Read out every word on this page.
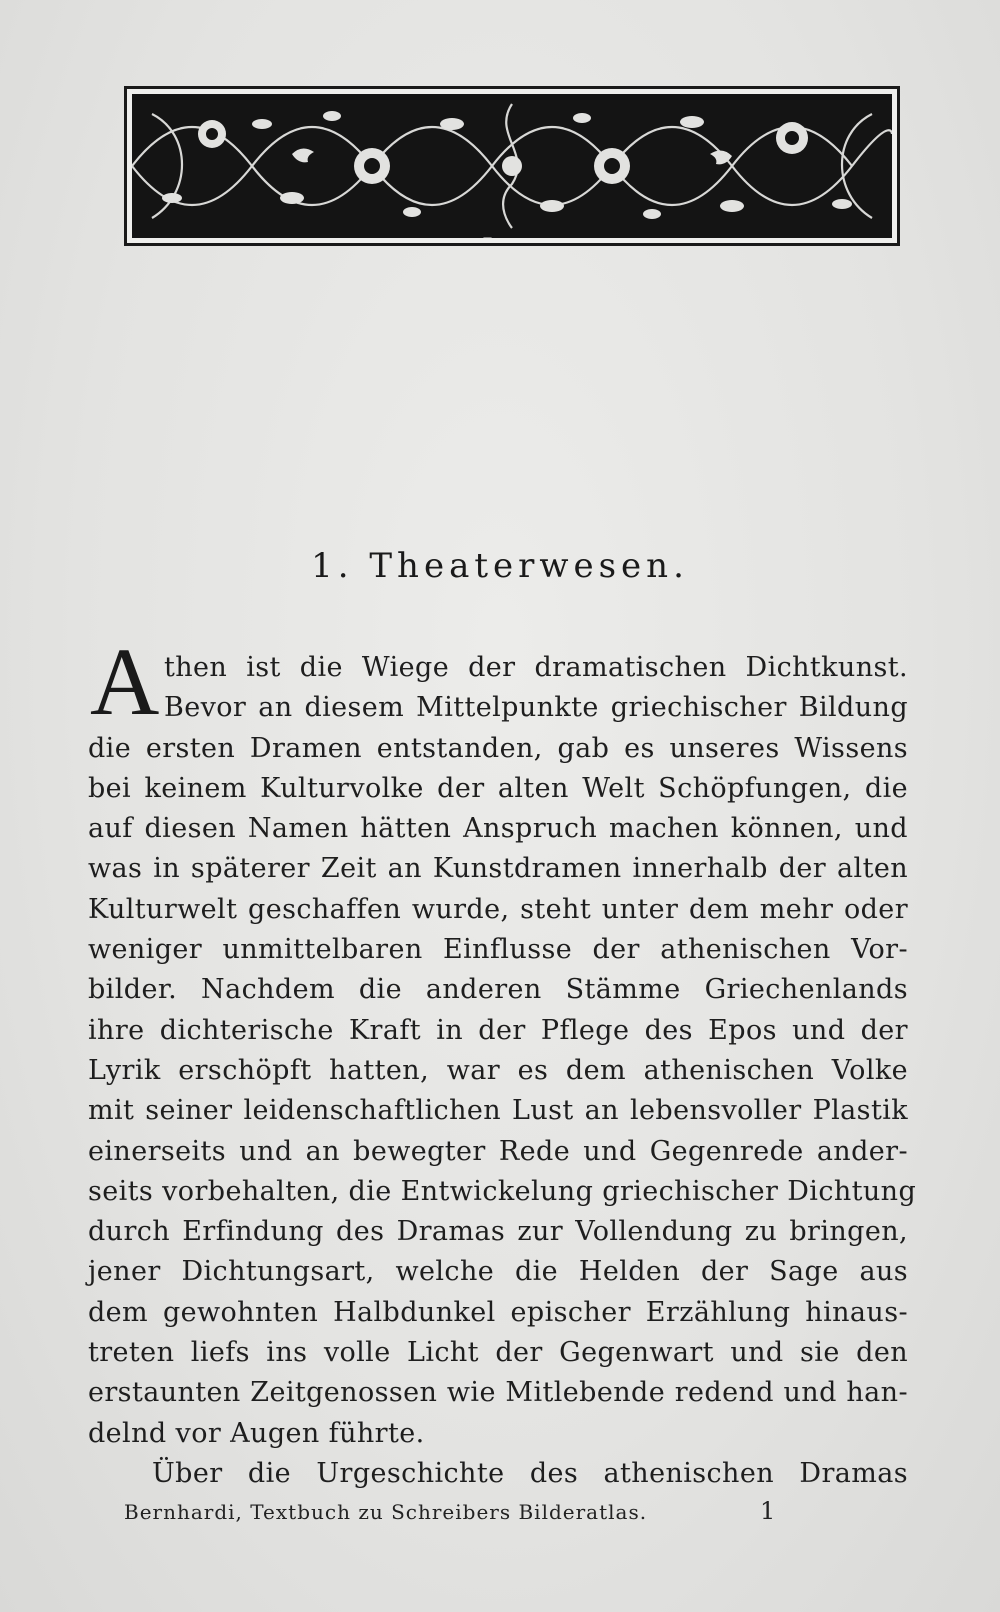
—
1. Theaterwesen.
A then ist die Wiege der dramatischen Dichtkunst.
Bevor an diesem Mittelpunkte griechischer Bildung
die ersten Dramen entstanden, gab es unseres Wissens
bei keinem Kulturvolke der alten Welt Schöpfungen, die
auf diesen Namen hätten Anspruch machen können, und
was in späterer Zeit an Kunstdramen innerhalb der alten
Kulturwelt geschaffen wurde, steht unter dem mehr oder
weniger unmittelbaren Einflusse der athenischen Vor-
bilder. Nachdem die anderen Stämme Griechenlands
ihre dichterische Kraft in der Pflege des Epos und der
Lyrik erschöpft hatten, war es dem athenischen Volke
mit seiner leidenschaftlichen Lust an lebensvoller Plastik
einerseits und an bewegter Rede und Gegenrede ander-
seits vorbehalten, die Entwickelung griechischer Dichtung
durch Erfindung des Dramas zur Vollendung zu bringen,
jener Dichtungsart, welche die Helden der Sage aus
dem gewohnten Halbdunkel epischer Erzählung hinaus-
treten liefs ins volle Licht der Gegenwart und sie den
erstaunten Zeitgenossen wie Mitlebende redend und han-
delnd vor Augen führte.
Über die Urgeschichte des athenischen Dramas
Bernhardi, Textbuch zu Schreibers Bilderatlas.	1
